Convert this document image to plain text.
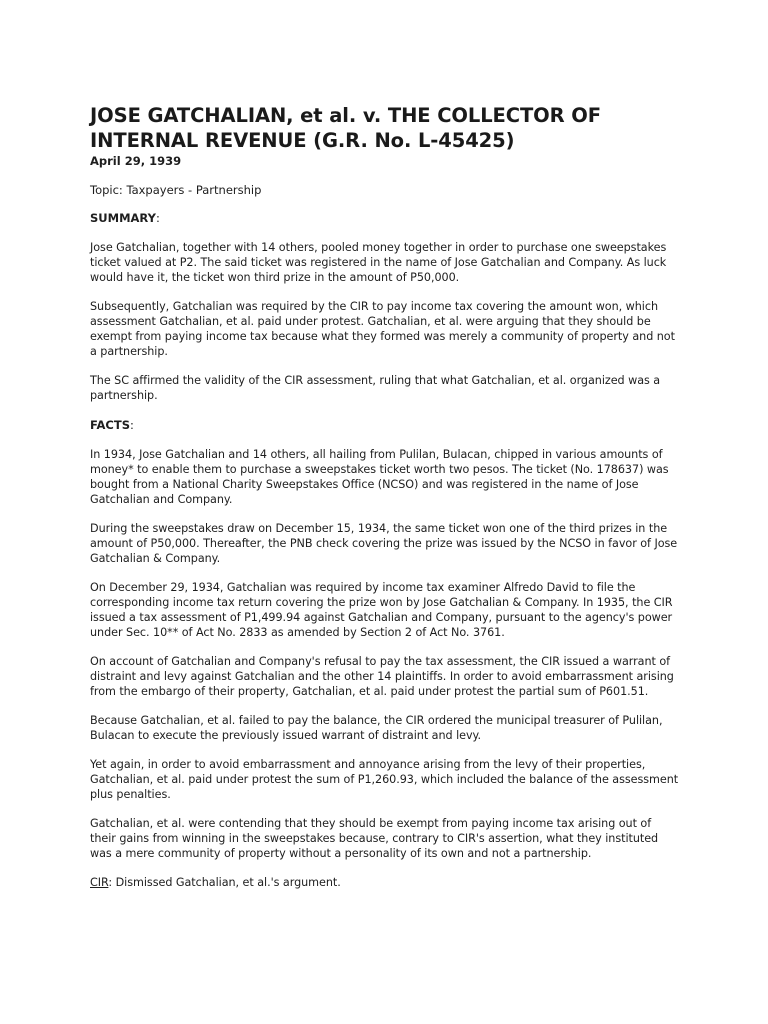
JOSE GATCHALIAN, et al. v. THE COLLECTOR OF INTERNAL REVENUE (G.R. No. L-45425)
April 29, 1939
Topic: Taxpayers - Partnership
SUMMARY:

Jose Gatchalian, together with 14 others, pooled money together in order to purchase one sweepstakes ticket valued at P2. The said ticket was registered in the name of Jose Gatchalian and Company. As luck would have it, the ticket won third prize in the amount of P50,000.

Subsequently, Gatchalian was required by the CIR to pay income tax covering the amount won, which assessment Gatchalian, et al. paid under protest. Gatchalian, et al. were arguing that they should be exempt from paying income tax because what they formed was merely a community of property and not a partnership.

The SC affirmed the validity of the CIR assessment, ruling that what Gatchalian, et al. organized was a partnership.

FACTS:

In 1934, Jose Gatchalian and 14 others, all hailing from Pulilan, Bulacan, chipped in various amounts of money* to enable them to purchase a sweepstakes ticket worth two pesos. The ticket (No. 178637) was bought from a National Charity Sweepstakes Office (NCSO) and was registered in the name of Jose Gatchalian and Company.

During the sweepstakes draw on December 15, 1934, the same ticket won one of the third prizes in the amount of P50,000. Thereafter, the PNB check covering the prize was issued by the NCSO in favor of Jose Gatchalian & Company.

On December 29, 1934, Gatchalian was required by income tax examiner Alfredo David to file the corresponding income tax return covering the prize won by Jose Gatchalian & Company. In 1935, the CIR issued a tax assessment of P1,499.94 against Gatchalian and Company, pursuant to the agency's power under Sec. 10** of Act No. 2833 as amended by Section 2 of Act No. 3761.

On account of Gatchalian and Company's refusal to pay the tax assessment, the CIR issued a warrant of distraint and levy against Gatchalian and the other 14 plaintiffs. In order to avoid embarrassment arising from the embargo of their property, Gatchalian, et al. paid under protest the partial sum of P601.51.

Because Gatchalian, et al. failed to pay the balance, the CIR ordered the municipal treasurer of Pulilan, Bulacan to execute the previously issued warrant of distraint and levy.

Yet again, in order to avoid embarrassment and annoyance arising from the levy of their properties, Gatchalian, et al. paid under protest the sum of P1,260.93, which included the balance of the assessment plus penalties.

Gatchalian, et al. were contending that they should be exempt from paying income tax arising out of their gains from winning in the sweepstakes because, contrary to CIR's assertion, what they instituted was a mere community of property without a personality of its own and not a partnership.

CIR: Dismissed Gatchalian, et al.'s argument.
